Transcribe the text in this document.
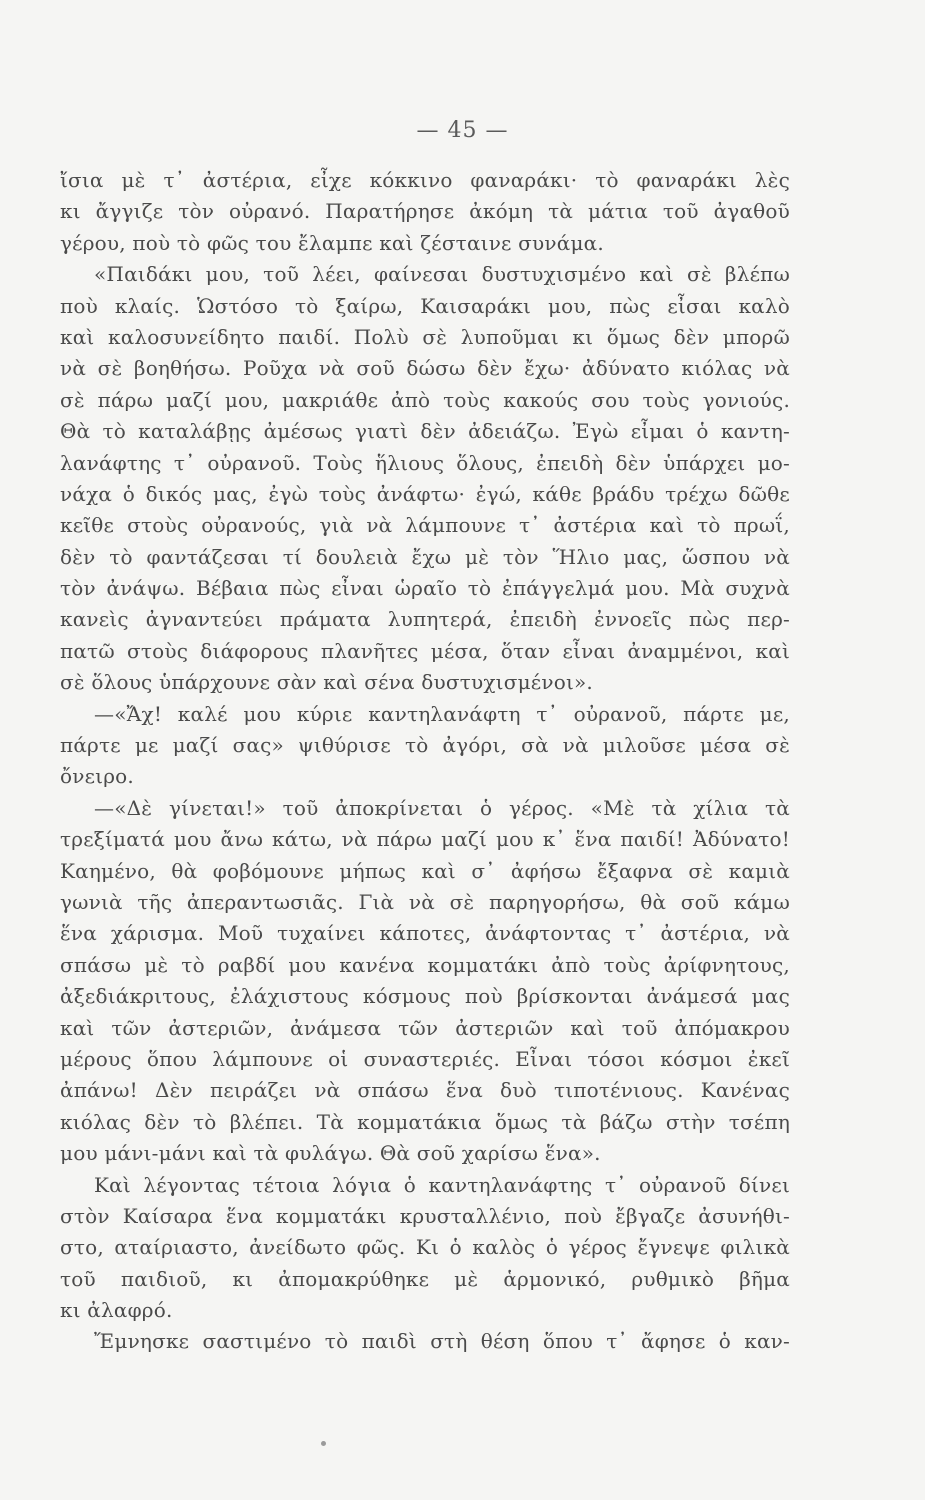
— 45 —
ἴσια μὲ τ᾿ ἀστέρια, εἶχε κόκκινο φαναράκι· τὸ φαναράκι λὲς
κι ἄγγιζε τὸν οὐρανό. Παρατήρησε ἀκόμη τὰ μάτια τοῦ ἀγαθοῦ
γέρου, ποὺ τὸ φῶς του ἔλαμπε καὶ ζέσταινε συνάμα.
«Παιδάκι μου, τοῦ λέει, φαίνεσαι δυστυχισμένο καὶ σὲ βλέπω
ποὺ κλαίς. Ὡστόσο τὸ ξαίρω, Καισαράκι μου, πὼς εἶσαι καλὸ
καὶ καλοσυνείδητο παιδί. Πολὺ σὲ λυποῦμαι κι ὅμως δὲν μπορῶ
νὰ σὲ βοηθήσω. Ροῦχα νὰ σοῦ δώσω δὲν ἔχω· ἀδύνατο κιόλας νὰ
σὲ πάρω μαζί μου, μακριάθε ἀπὸ τοὺς κακούς σου τοὺς γονιούς.
Θὰ τὸ καταλάβῃς ἀμέσως γιατὶ δὲν ἀδειάζω. Ἐγὼ εἶμαι ὁ καντη-
λανάφτης τ᾿ οὐρανοῦ. Τοὺς ἥλιους ὅλους, ἐπειδὴ δὲν ὑπάρχει μο-
νάχα ὁ δικός μας, ἐγὼ τοὺς ἀνάφτω· ἐγώ, κάθε βράδυ τρέχω δῶθε
κεῖθε στοὺς οὐρανούς, γιὰ νὰ λάμπουνε τ᾿ ἀστέρια καὶ τὸ πρωΐ,
δὲν τὸ φαντάζεσαι τί δουλειὰ ἔχω μὲ τὸν Ἥλιο μας, ὥσπου νὰ
τὸν ἀνάψω. Βέβαια πὼς εἶναι ὡραῖο τὸ ἐπάγγελμά μου. Μὰ συχνὰ
κανεὶς ἀγναντεύει πράματα λυπητερά, ἐπειδὴ ἐννοεῖς πὼς περ-
πατῶ στοὺς διάφορους πλανῆτες μέσα, ὅταν εἶναι ἀναμμένοι, καὶ
σὲ ὅλους ὑπάρχουνε σὰν καὶ σένα δυστυχισμένοι».
—«Ἄχ! καλέ μου κύριε καντηλανάφτη τ᾿ οὐρανοῦ, πάρτε με,
πάρτε με μαζί σας» ψιθύρισε τὸ ἀγόρι, σὰ νὰ μιλοῦσε μέσα σὲ
ὄνειρο.
—«Δὲ γίνεται!» τοῦ ἀποκρίνεται ὁ γέρος. «Μὲ τὰ χίλια τὰ
τρεξίματά μου ἄνω κάτω, νὰ πάρω μαζί μου κ᾿ ἕνα παιδί! Ἀδύνατο!
Καημένο, θὰ φοβόμουνε μήπως καὶ σ᾿ ἀφήσω ἔξαφνα σὲ καμιὰ
γωνιὰ τῆς ἀπεραντωσιᾶς. Γιὰ νὰ σὲ παρηγορήσω, θὰ σοῦ κάμω
ἕνα χάρισμα. Μοῦ τυχαίνει κάποτες, ἀνάφτοντας τ᾿ ἀστέρια, νὰ
σπάσω μὲ τὸ ραβδί μου κανένα κομματάκι ἀπὸ τοὺς ἀρίφνητους,
ἀξεδιάκριτους, ἐλάχιστους κόσμους ποὺ βρίσκονται ἀνάμεσά μας
καὶ τῶν ἀστεριῶν, ἀνάμεσα τῶν ἀστεριῶν καὶ τοῦ ἀπόμακρου
μέρους ὅπου λάμπουνε οἱ συναστεριές. Εἶναι τόσοι κόσμοι ἐκεῖ
ἀπάνω! Δὲν πειράζει νὰ σπάσω ἕνα δυὸ τιποτένιους. Κανένας
κιόλας δὲν τὸ βλέπει. Τὰ κομματάκια ὅμως τὰ βάζω στὴν τσέπη
μου μάνι-μάνι καὶ τὰ φυλάγω. Θὰ σοῦ χαρίσω ἕνα».
Καὶ λέγοντας τέτοια λόγια ὁ καντηλανάφτης τ᾿ οὐρανοῦ δίνει
στὸν Καίσαρα ἕνα κομματάκι κρυσταλλένιο, ποὺ ἔβγαζε ἀσυνήθι-
στο, αταίριαστο, ἀνείδωτο φῶς. Κι ὁ καλὸς ὁ γέρος ἔγνεψε φιλικὰ
τοῦ παιδιοῦ, κι ἀπομακρύθηκε μὲ ἁρμονικό, ρυθμικὸ βῆμα
κι ἀλαφρό.
Ἔμνησκε σαστιμένο τὸ παιδὶ στὴ θέση ὅπου τ᾿ ἄφησε ὁ καν-
